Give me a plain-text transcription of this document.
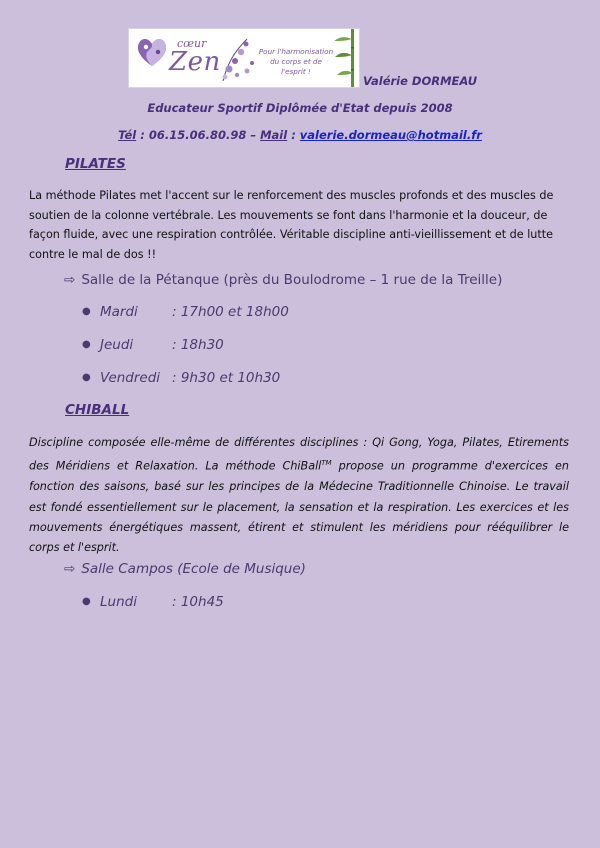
cœur
Zen	Pour l'harmonisation
du corps et de l'esprit !
Valérie DORMEAU
Educateur Sportif Diplômée d'Etat depuis 2008
Tél : 06.15.06.80.98 – Mail : valerie.dormeau@hotmail.fr
PILATES
La méthode Pilates met l'accent sur le renforcement des muscles profonds et des muscles de
soutien de la colonne vertébrale. Les mouvements se font dans l'harmonie et la douceur, de
façon fluide, avec une respiration contrôlée. Véritable discipline anti-vieillissement et de lutte
contre le mal de dos !!
⇨ Salle de la Pétanque (près du Boulodrome – 1 rue de la Treille)
● Mardi	: 17h00 et 18h00
● Jeudi	: 18h30
● Vendredi : 9h30 et 10h30
CHIBALL
Discipline composée elle-même de différentes disciplines : Qi Gong, Yoga, Pilates, Etirements des Méridiens et Relaxation. La méthode ChiBall™ propose un programme d'exercices en fonction des saisons, basé sur les principes de la Médecine Traditionnelle Chinoise. Le travail est fondé essentiellement sur le placement, la sensation et la respiration. Les exercices et les mouvements énergétiques massent, étirent et stimulent les méridiens pour rééquilibrer le corps et l'esprit.
⇨ Salle Campos (Ecole de Musique)
● Lundi	: 10h45
